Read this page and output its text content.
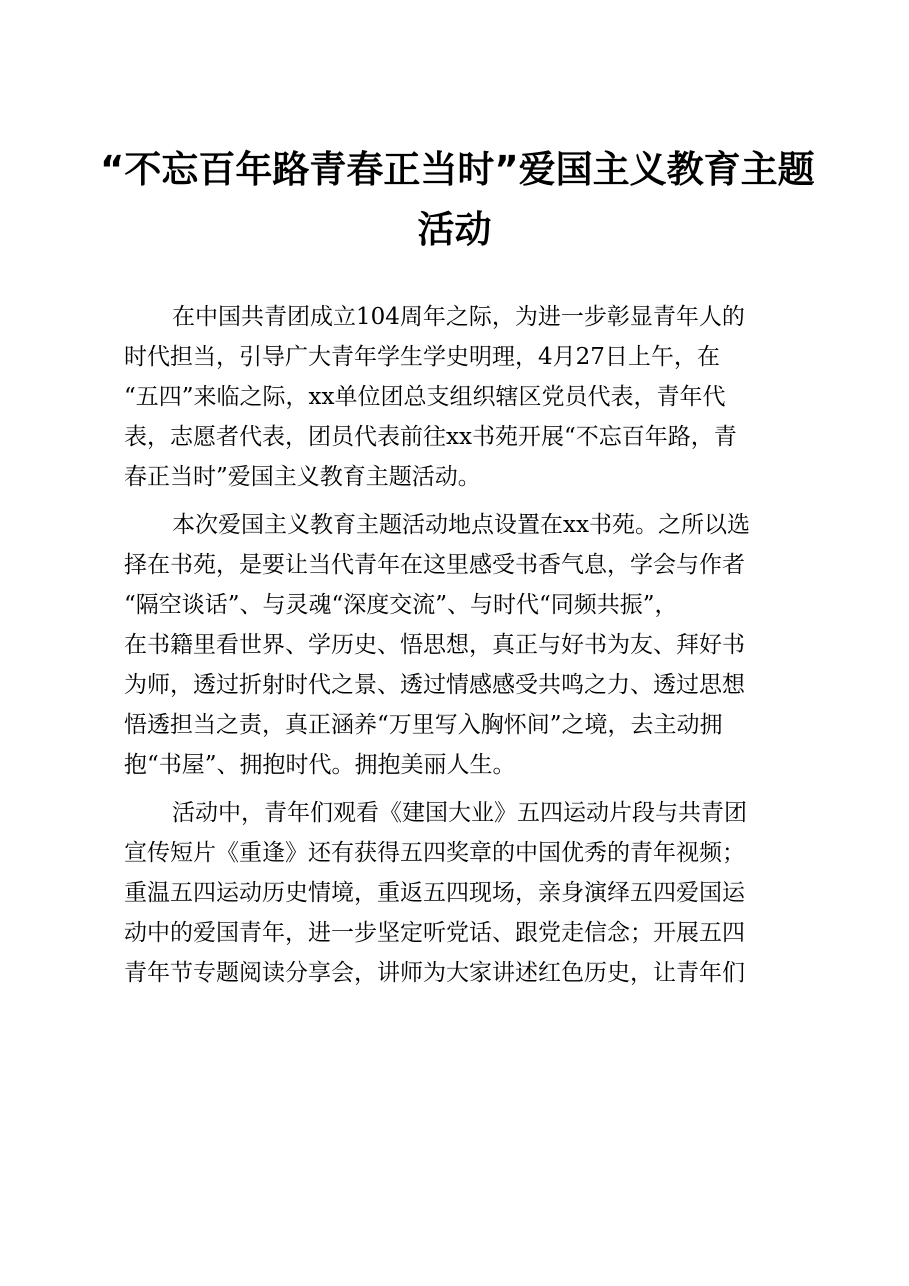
“不忘百年路青春正当时”爱国主义教育主题
活动
在中国共青团成立104周年之际，为进一步彰显青年人的
时代担当，引导广大青年学生学史明理，4月27日上午，在
“五四”来临之际，xx单位团总支组织辖区党员代表，青年代
表，志愿者代表，团员代表前往xx书苑开展“不忘百年路，青
春正当时”爱国主义教育主题活动。
本次爱国主义教育主题活动地点设置在xx书苑。之所以选
择在书苑，是要让当代青年在这里感受书香气息，学会与作者
“隔空谈话”、与灵魂“深度交流”、与时代“同频共振”，
在书籍里看世界、学历史、悟思想，真正与好书为友、拜好书
为师，透过折射时代之景、透过情感感受共鸣之力、透过思想
悟透担当之责，真正涵养“万里写入胸怀间”之境，去主动拥
抱“书屋”、拥抱时代。拥抱美丽人生。
活动中，青年们观看《建国大业》五四运动片段与共青团
宣传短片《重逢》还有获得五四奖章的中国优秀的青年视频；
重温五四运动历史情境，重返五四现场，亲身演绎五四爱国运
动中的爱国青年，进一步坚定听党话、跟党走信念；开展五四
青年节专题阅读分享会，讲师为大家讲述红色历史，让青年们
